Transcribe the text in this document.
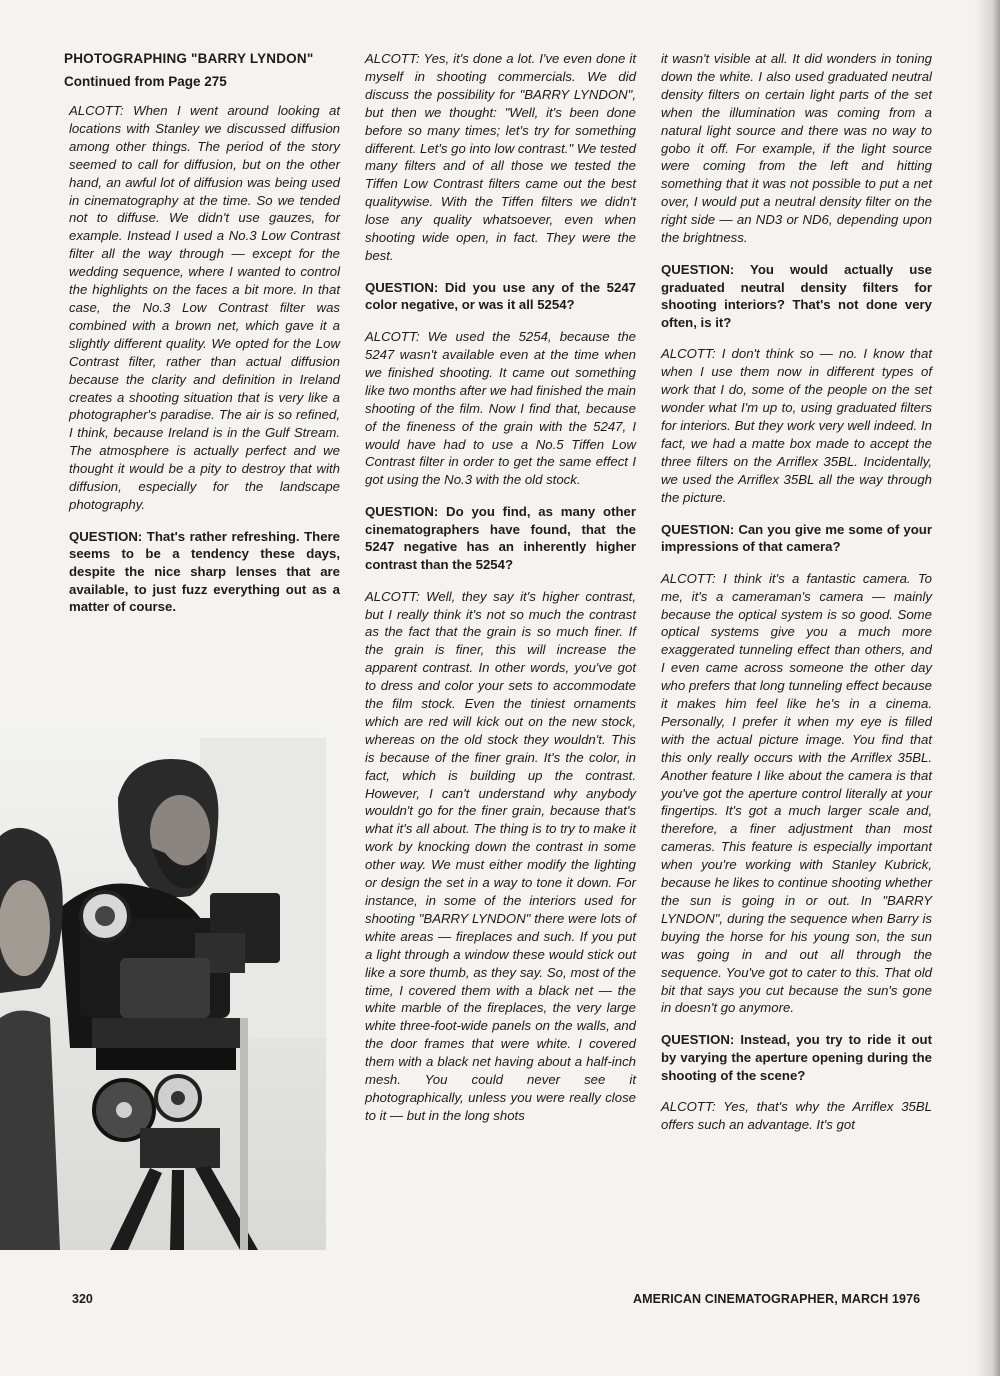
PHOTOGRAPHING "BARRY LYNDON"
Continued from Page 275

ALCOTT: When I went around looking at locations with Stanley we discussed diffusion among other things. The period of the story seemed to call for diffusion, but on the other hand, an awful lot of diffusion was being used in cinematography at the time. So we tended not to diffuse. We didn't use gauzes, for example. Instead I used a No.3 Low Contrast filter all the way through — except for the wedding sequence, where I wanted to control the highlights on the faces a bit more. In that case, the No.3 Low Contrast filter was combined with a brown net, which gave it a slightly different quality. We opted for the Low Contrast filter, rather than actual diffusion because the clarity and definition in Ireland creates a shooting situation that is very like a photographer's paradise. The air is so refined, I think, because Ireland is in the Gulf Stream. The atmosphere is actually perfect and we thought it would be a pity to destroy that with diffusion, especially for the landscape photography.

QUESTION: That's rather refreshing. There seems to be a tendency these days, despite the nice sharp lenses that are available, to just fuzz everything out as a matter of course.

ALCOTT: Yes, it's done a lot. I've even done it myself in shooting commercials. We did discuss the possibility for "BARRY LYNDON", but then we thought: "Well, it's been done before so many times; let's try for something different. Let's go into low contrast." We tested many filters and of all those we tested the Tiffen Low Contrast filters came out the best qualitywise. With the Tiffen filters we didn't lose any quality whatsoever, even when shooting wide open, in fact. They were the best.

QUESTION: Did you use any of the 5247 color negative, or was it all 5254?

ALCOTT: We used the 5254, because the 5247 wasn't available even at the time when we finished shooting. It came out something like two months after we had finished the main shooting of the film. Now I find that, because of the fineness of the grain with the 5247, I would have had to use a No.5 Tiffen Low Contrast filter in order to get the same effect I got using the No.3 with the old stock.

QUESTION: Do you find, as many other cinematographers have found, that the 5247 negative has an inherently higher contrast than the 5254?

ALCOTT: Well, they say it's higher contrast, but I really think it's not so much the contrast as the fact that the grain is so much finer. If the grain is finer, this will increase the apparent contrast. In other words, you've got to dress and color your sets to accommodate the film stock. Even the tiniest ornaments which are red will kick out on the new stock, whereas on the old stock they wouldn't. This is because of the finer grain. It's the color, in fact, which is building up the contrast. However, I can't understand why anybody wouldn't go for the finer grain, because that's what it's all about. The thing is to try to make it work by knocking down the contrast in some other way. We must either modify the lighting or design the set in a way to tone it down. For instance, in some of the interiors used for shooting "BARRY LYNDON" there were lots of white areas — fireplaces and such. If you put a light through a window these would stick out like a sore thumb, as they say. So, most of the time, I covered them with a black net — the white marble of the fireplaces, the very large white three-foot-wide panels on the walls, and the door frames that were white. I covered them with a black net having about a half-inch mesh. You could never see it photographically, unless you were really close to it — but in the long shots

it wasn't visible at all. It did wonders in toning down the white. I also used graduated neutral density filters on certain light parts of the set when the illumination was coming from a natural light source and there was no way to gobo it off. For example, if the light source were coming from the left and hitting something that it was not possible to put a net over, I would put a neutral density filter on the right side — an ND3 or ND6, depending upon the brightness.

QUESTION: You would actually use graduated neutral density filters for shooting interiors? That's not done very often, is it?

ALCOTT: I don't think so — no. I know that when I use them now in different types of work that I do, some of the people on the set wonder what I'm up to, using graduated filters for interiors. But they work very well indeed. In fact, we had a matte box made to accept the three filters on the Arriflex 35BL. Incidentally, we used the Arriflex 35BL all the way through the picture.

QUESTION: Can you give me some of your impressions of that camera?

ALCOTT: I think it's a fantastic camera. To me, it's a cameraman's camera — mainly because the optical system is so good. Some optical systems give you a much more exaggerated tunneling effect than others, and I even came across someone the other day who prefers that long tunneling effect because it makes him feel like he's in a cinema. Personally, I prefer it when my eye is filled with the actual picture image. You find that this only really occurs with the Arriflex 35BL. Another feature I like about the camera is that you've got the aperture control literally at your fingertips. It's got a much larger scale and, therefore, a finer adjustment than most cameras. This feature is especially important when you're working with Stanley Kubrick, because he likes to continue shooting whether the sun is going in or out. In "BARRY LYNDON", during the sequence when Barry is buying the horse for his young son, the sun was going in and out all through the sequence. You've got to cater to this. That old bit that says you cut because the sun's gone in doesn't go anymore.

QUESTION: Instead, you try to ride it out by varying the aperture opening during the shooting of the scene?

ALCOTT: Yes, that's why the Arriflex 35BL offers such an advantage. It's got

320	AMERICAN CINEMATOGRAPHER, MARCH 1976
